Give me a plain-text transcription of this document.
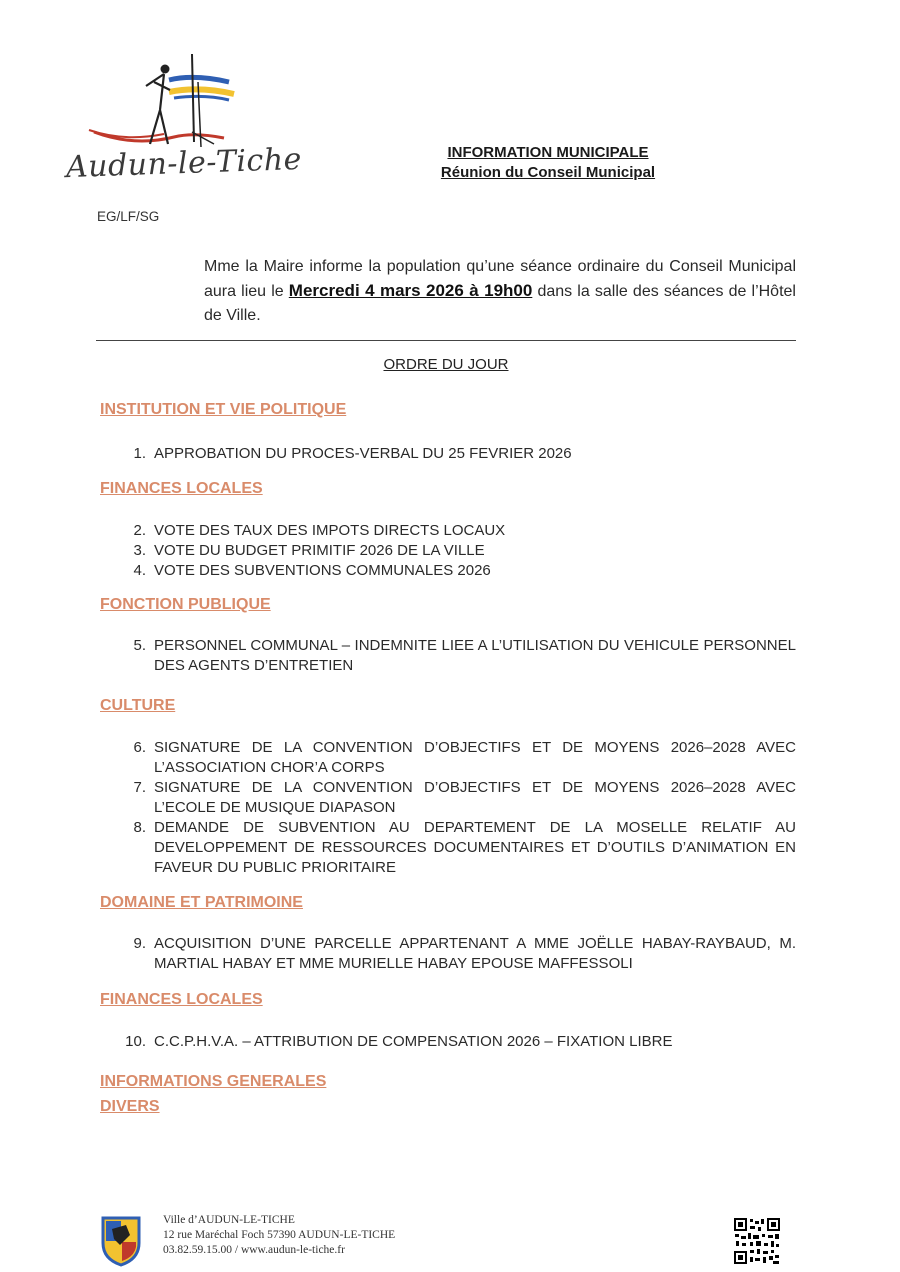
Audun-le-Tiche
EG/LF/SG
INFORMATION MUNICIPALE
Réunion du Conseil Municipal
Mme la Maire informe la population qu’une séance ordinaire du Conseil Municipal aura lieu le Mercredi 4 mars 2026 à 19h00 dans la salle des séances de l’Hôtel de Ville.
ORDRE DU JOUR
INSTITUTION ET VIE POLITIQUE
1. APPROBATION DU PROCES-VERBAL DU 25 FEVRIER 2026
FINANCES LOCALES
2. VOTE DES TAUX DES IMPOTS DIRECTS LOCAUX
3. VOTE DU BUDGET PRIMITIF 2026 DE LA VILLE
4. VOTE DES SUBVENTIONS COMMUNALES 2026
FONCTION PUBLIQUE
5. PERSONNEL COMMUNAL – INDEMNITE LIEE A L’UTILISATION DU VEHICULE PERSONNEL DES AGENTS D’ENTRETIEN
CULTURE
6. SIGNATURE DE LA CONVENTION D’OBJECTIFS ET DE MOYENS 2026–2028 AVEC L’ASSOCIATION CHOR’A CORPS
7. SIGNATURE DE LA CONVENTION D’OBJECTIFS ET DE MOYENS 2026–2028 AVEC L’ECOLE DE MUSIQUE DIAPASON
8. DEMANDE DE SUBVENTION AU DEPARTEMENT DE LA MOSELLE RELATIF AU DEVELOPPEMENT DE RESSOURCES DOCUMENTAIRES ET D’OUTILS D’ANIMATION EN FAVEUR DU PUBLIC PRIORITAIRE
DOMAINE ET PATRIMOINE
9. ACQUISITION D’UNE PARCELLE APPARTENANT A MME JOËLLE HABAY-RAYBAUD, M. MARTIAL HABAY ET MME MURIELLE HABAY EPOUSE MAFFESSOLI
FINANCES LOCALES
10. C.C.P.H.V.A. – ATTRIBUTION DE COMPENSATION 2026 – FIXATION LIBRE
INFORMATIONS GENERALES
DIVERS
Ville d’AUDUN-LE-TICHE
12 rue Maréchal Foch 57390 AUDUN-LE-TICHE
03.82.59.15.00 / www.audun-le-tiche.fr
